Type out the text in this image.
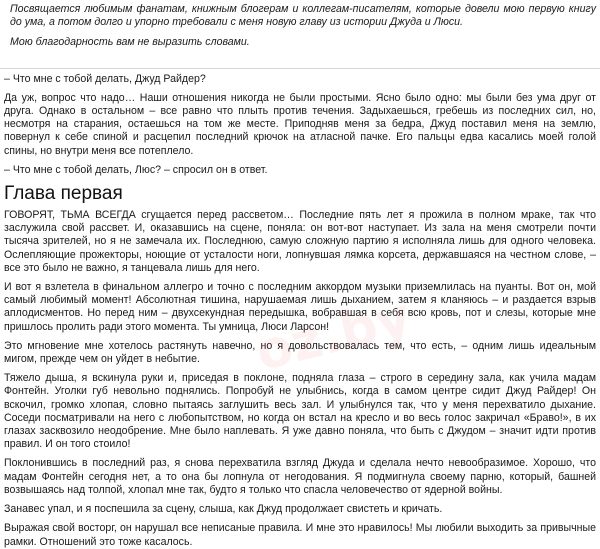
Посвящается любимым фанатам, книжным блогерам и коллегам-писателям, которые довели мою первую книгу до ума, а потом долго и упорно требовали с меня новую главу из истории Джуда и Люси.

Мою благодарность вам не выразить словами.

– Что мне с тобой делать, Джуд Райдер?

Да уж, вопрос что надо… Наши отношения никогда не были простыми. Ясно было одно: мы были без ума друг от друга. Однако в остальном – все равно что плыть против течения. Задыхаешься, гребешь из последних сил, но, несмотря на старания, остаешься на том же месте. Приподняв меня за бедра, Джуд поставил меня на землю, повернул к себе спиной и расцепил последний крючок на атласной пачке. Его пальцы едва касались моей голой спины, но внутри меня все потеплело.

– Что мне с тобой делать, Люс? – спросил он в ответ.

Глава первая

ГОВОРЯТ, ТЬМА ВСЕГДА сгущается перед рассветом… Последние пять лет я прожила в полном мраке, так что заслужила свой рассвет. И, оказавшись на сцене, поняла: он вот-вот наступает. Из зала на меня смотрели почти тысяча зрителей, но я не замечала их. Последнюю, самую сложную партию я исполняла лишь для одного человека. Ослепляющие прожекторы, ноющие от усталости ноги, лопнувшая лямка корсета, державшаяся на честном слове, – все это было не важно, я танцевала лишь для него.

И вот я взлетела в финальном аллегро и точно с последним аккордом музыки приземлилась на пуанты. Вот он, мой самый любимый момент! Абсолютная тишина, нарушаемая лишь дыханием, затем я кланяюсь – и раздается взрыв аплодисментов. Но перед ним – двухсекундная передышка, вобравшая в себя всю кровь, пот и слезы, которые мне пришлось пролить ради этого момента. Ты умница, Люси Ларсон!

Это мгновение мне хотелось растянуть навечно, но я довольствовалась тем, что есть, – одним лишь идеальным мигом, прежде чем он уйдет в небытие.

Тяжело дыша, я вскинула руки и, приседая в поклоне, подняла глаза – строго в середину зала, как учила мадам Фонтейн. Уголки губ невольно поднялись. Попробуй не улыбнись, когда в самом центре сидит Джуд Райдер! Он вскочил, громко хлопая, словно пытаясь заглушить весь зал. И улыбнулся так, что у меня перехватило дыхание. Соседи посматривали на него с любопытством, но когда он встал на кресло и во весь голос закричал «Браво!», в их глазах засквозило неодобрение. Мне было наплевать. Я уже давно поняла, что быть с Джудом – значит идти против правил. И он того стоило!

Поклонившись в последний раз, я снова перехватила взгляд Джуда и сделала нечто невообразимое. Хорошо, что мадам Фонтейн сегодня нет, а то она бы лопнула от негодования. Я подмигнула своему парню, который, башней возвышаясь над толпой, хлопал мне так, будто я только что спасла человечество от ядерной войны.

Занавес упал, и я поспешила за сцену, слыша, как Джуд продолжает свистеть и кричать.

Выражая свой восторг, он нарушал все неписаные правила. И мне это нравилось! Мы любили выходить за привычные рамки. Отношений это тоже касалось.

oz.by
